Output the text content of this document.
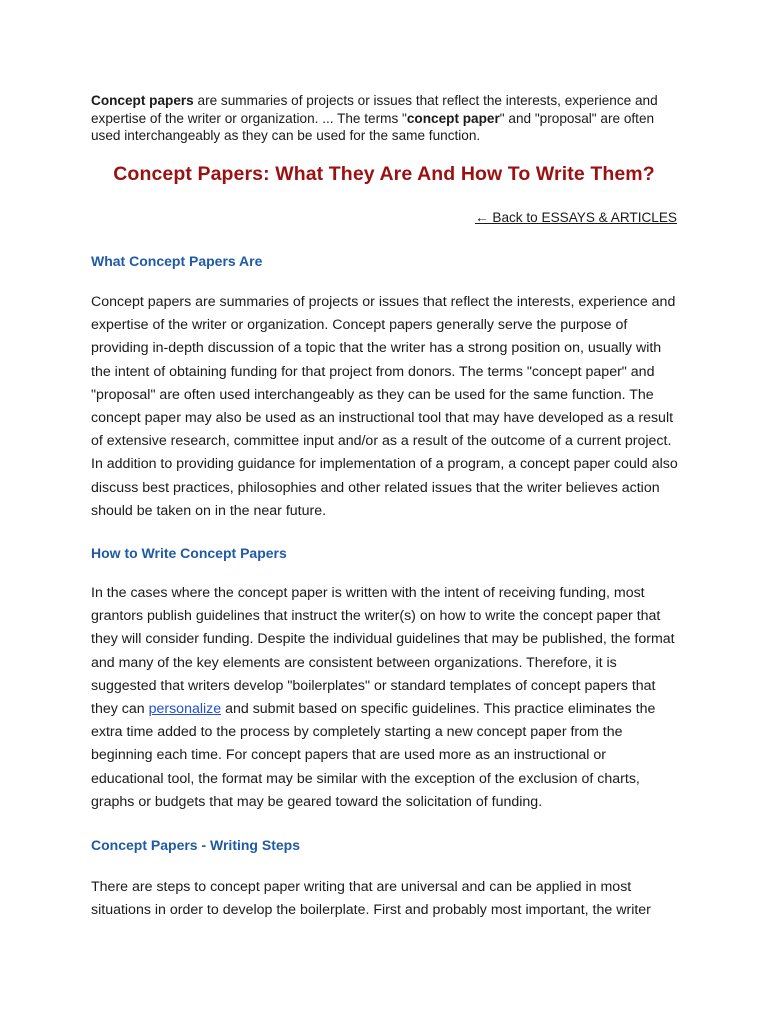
Concept papers are summaries of projects or issues that reflect the interests, experience and expertise of the writer or organization. ... The terms "concept paper" and "proposal" are often used interchangeably as they can be used for the same function.
Concept Papers: What They Are And How To Write Them?
← Back to ESSAYS & ARTICLES
What Concept Papers Are
Concept papers are summaries of projects or issues that reflect the interests, experience and expertise of the writer or organization. Concept papers generally serve the purpose of providing in-depth discussion of a topic that the writer has a strong position on, usually with the intent of obtaining funding for that project from donors. The terms "concept paper" and "proposal" are often used interchangeably as they can be used for the same function. The concept paper may also be used as an instructional tool that may have developed as a result of extensive research, committee input and/or as a result of the outcome of a current project. In addition to providing guidance for implementation of a program, a concept paper could also discuss best practices, philosophies and other related issues that the writer believes action should be taken on in the near future.
How to Write Concept Papers
In the cases where the concept paper is written with the intent of receiving funding, most grantors publish guidelines that instruct the writer(s) on how to write the concept paper that they will consider funding. Despite the individual guidelines that may be published, the format and many of the key elements are consistent between organizations. Therefore, it is suggested that writers develop "boilerplates" or standard templates of concept papers that they can personalize and submit based on specific guidelines. This practice eliminates the extra time added to the process by completely starting a new concept paper from the beginning each time. For concept papers that are used more as an instructional or educational tool, the format may be similar with the exception of the exclusion of charts, graphs or budgets that may be geared toward the solicitation of funding.
Concept Papers - Writing Steps
There are steps to concept paper writing that are universal and can be applied in most situations in order to develop the boilerplate. First and probably most important, the writer
